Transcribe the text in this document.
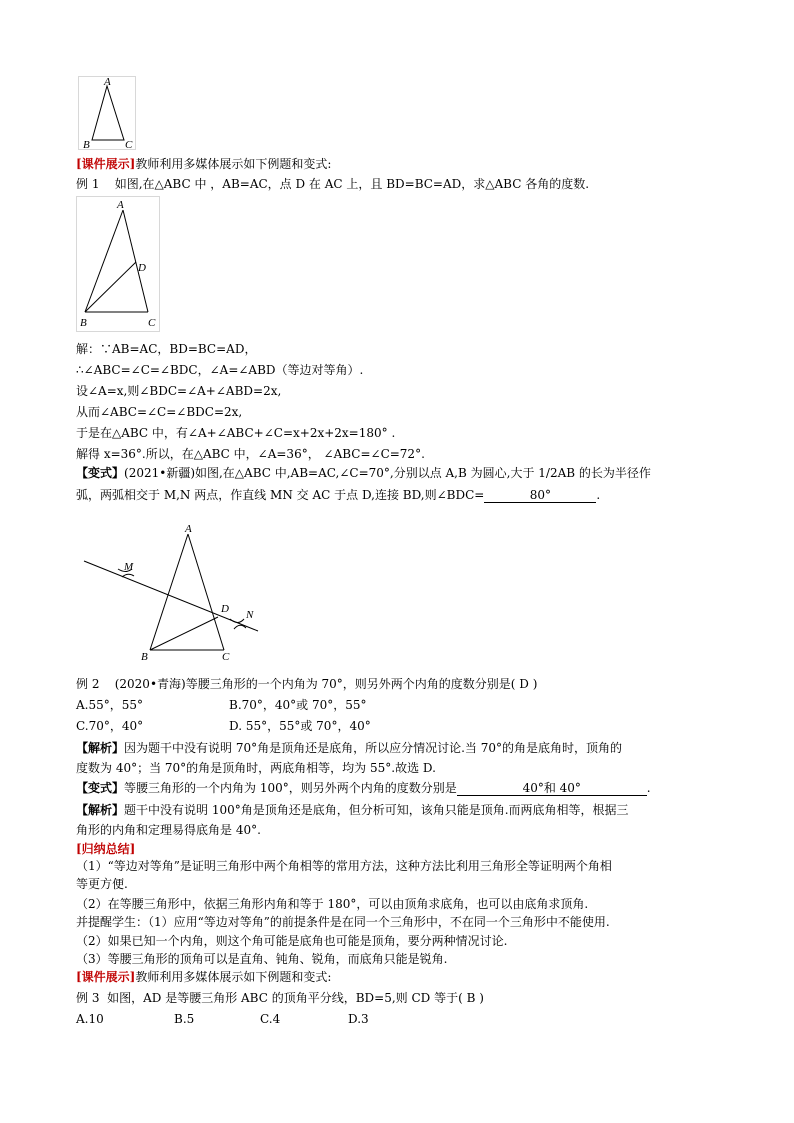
A
B	C
[课件展示]教师利用多媒体展示如下例题和变式:
例 1 如图,在△ABC 中 ，AB=AC，点 D 在 AC 上，且 BD=BC=AD，求△ABC 各角的度数.
A
D
B	C
解：∵AB=AC，BD=BC=AD，
∴∠ABC=∠C=∠BDC，∠A=∠ABD（等边对等角）.
设∠A=x,则∠BDC=∠A+∠ABD=2x,
从而∠ABC=∠C=∠BDC=2x,
于是在△ABC 中，有∠A+∠ABC+∠C=x+2x+2x=180° .
解得 x=36°.所以，在△ABC 中，∠A=36°， ∠ABC=∠C=72°.
【变式】(2021•新疆)如图,在△ABC 中,AB=AC,∠C=70°,分别以点 A,B 为圆心,大于 1/2AB 的长为半径作
弧，两弧相交于 M,N 两点，作直线 MN 交 AC 于点 D,连接 BD,则∠BDC=	80°	.
A
M
D N
B	C
例 2 (2020•青海)等腰三角形的一个内角为 70°，则另外两个内角的度数分别是( D )
A.55°，55°	B.70°，40°或 70°，55°
C.70°，40°	D. 55°，55°或 70°，40°
【解析】因为题干中没有说明 70°角是顶角还是底角，所以应分情况讨论.当 70°的角是底角时，顶角的
度数为 40°；当 70°的角是顶角时，两底角相等，均为 55°.故选 D.
【变式】等腰三角形的一个内角为 100°，则另外两个内角的度数分别是	40°和 40°	.
【解析】题干中没有说明 100°角是顶角还是底角，但分析可知，该角只能是顶角.而两底角相等，根据三
角形的内角和定理易得底角是 40°.
[归纳总结]
（1）“等边对等角”是证明三角形中两个角相等的常用方法，这种方法比利用三角形全等证明两个角相
等更方便.
（2）在等腰三角形中，依据三角形内角和等于 180°，可以由顶角求底角，也可以由底角求顶角.
并提醒学生：（1）应用“等边对等角”的前提条件是在同一个三角形中，不在同一个三角形中不能使用.
（2）如果已知一个内角，则这个角可能是底角也可能是顶角，要分两种情况讨论.
（3）等腰三角形的顶角可以是直角、钝角、锐角，而底角只能是锐角.
[课件展示]教师利用多媒体展示如下例题和变式:
例 3 如图，AD 是等腰三角形 ABC 的顶角平分线，BD=5,则 CD 等于( B )
A.10	B.5	C.4	D.3
